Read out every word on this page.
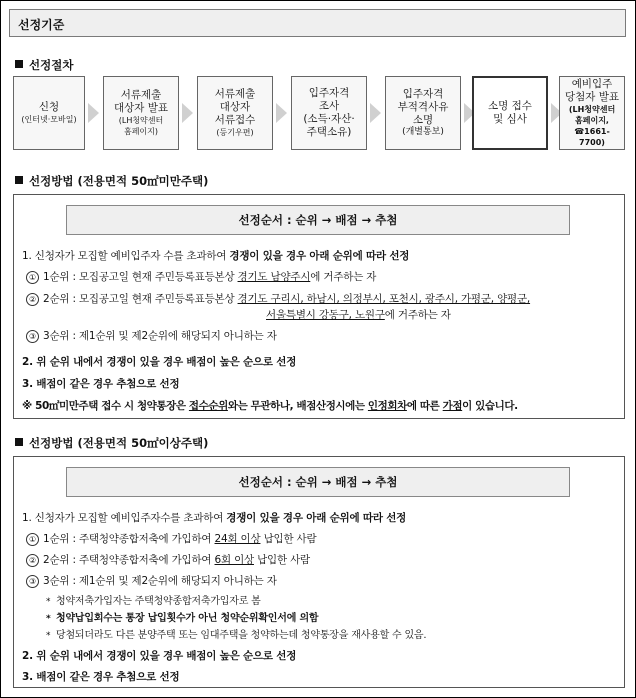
선정기준
선정절차
신청
(인터넷·모바일)
서류제출
대상자 발표
(LH청약센터
홈페이지)
서류제출
대상자
서류접수
(등기우편)
입주자격
조사
(소득·자산·
주택소유)
입주자격
부적격사유
소명
(개별통보)
소명 접수
및 심사
예비입주
당첨자 발표
(LH청약센터
홈페이지,
☎1661-7700)
선정방법 (전용면적 50㎡미만주택)
선정순서 : 순위 → 배점 → 추첨
1. 신청자가 모집할 예비입주자 수를 초과하여 경쟁이 있을 경우 아래 순위에 따라 선정
① 1순위 : 모집공고일 현재 주민등록표등본상 경기도 남양주시에 거주하는 자
② 2순위 : 모집공고일 현재 주민등록표등본상 경기도 구리시, 하남시, 의정부시, 포천시, 광주시, 가평군, 양평군,
서울특별시 강동구, 노원구에 거주하는 자
③ 3순위 : 제1순위 및 제2순위에 해당되지 아니하는 자
2. 위 순위 내에서 경쟁이 있을 경우 배점이 높은 순으로 선정
3. 배점이 같은 경우 추첨으로 선정
※ 50㎡미만주택 접수 시 청약통장은 접수순위와는 무관하나, 배점산정시에는 인정회차에 따른 가점이 있습니다.
선정방법 (전용면적 50㎡이상주택)
선정순서 : 순위 → 배점 → 추첨
1. 신청자가 모집할 예비입주자수를 초과하여 경쟁이 있을 경우 아래 순위에 따라 선정
① 1순위 : 주택청약종합저축에 가입하여 24회 이상 납입한 사람
② 2순위 : 주택청약종합저축에 가입하여 6회 이상 납입한 사람
③ 3순위 : 제1순위 및 제2순위에 해당되지 아니하는 자
* 청약저축가입자는 주택청약종합저축가입자로 봄
* 청약납입회수는 통장 납입횟수가 아닌 청약순위확인서에 의함
* 당첨되더라도 다른 분양주택 또는 임대주택을 청약하는데 청약통장을 재사용할 수 있음.
2. 위 순위 내에서 경쟁이 있을 경우 배점이 높은 순으로 선정
3. 배점이 같은 경우 추첨으로 선정
